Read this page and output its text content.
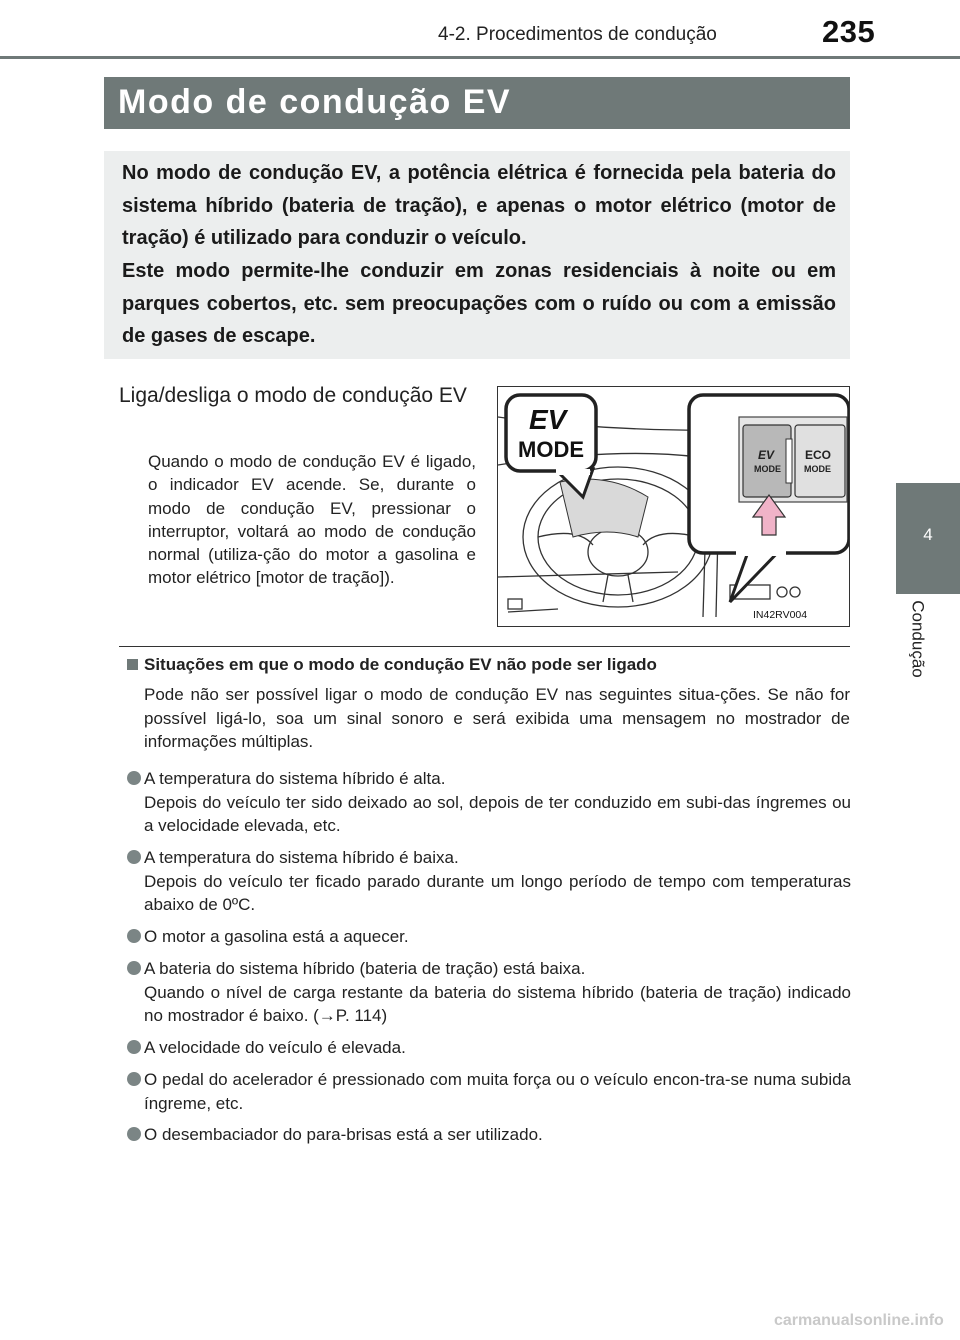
4-2. Procedimentos de condução	235
4
Condução
Modo de condução EV

No modo de condução EV, a potência elétrica é fornecida pela bateria do sistema híbrido (bateria de tração), e apenas o motor elétrico (motor de tração) é utilizado para conduzir o veículo.

Este modo permite-lhe conduzir em zonas residenciais à noite ou em parques cobertos, etc. sem preocupações com o ruído ou com a emissão de gases de escape.

Liga/desliga o modo de condução EV
Quando o modo de condução EV é ligado, o indicador EV acende. Se, durante o modo de condução EV, pressionar o interruptor, voltará ao modo de condução normal (utiliza-ção do motor a gasolina e motor elétrico [motor de tração]).
EV
MODE	EV
MODE
ECO
MODE
IN42RV004
Situações em que o modo de condução EV não pode ser ligado
Pode não ser possível ligar o modo de condução EV nas seguintes situa-ções. Se não for possível ligá-lo, soa um sinal sonoro e será exibida uma mensagem no mostrador de informações múltiplas.
A temperatura do sistema híbrido é alta.
Depois do veículo ter sido deixado ao sol, depois de ter conduzido em subi-das íngremes ou a velocidade elevada, etc.
A temperatura do sistema híbrido é baixa.
Depois do veículo ter ficado parado durante um longo período de tempo com temperaturas abaixo de 0ºC.
O motor a gasolina está a aquecer.
A bateria do sistema híbrido (bateria de tração) está baixa.
Quando o nível de carga restante da bateria do sistema híbrido (bateria de tração) indicado no mostrador é baixo. (→P. 114)
A velocidade do veículo é elevada.
O pedal do acelerador é pressionado com muita força ou o veículo encon-tra-se numa subida íngreme, etc.
O desembaciador do para-brisas está a ser utilizado.
carmanualsonline.info
